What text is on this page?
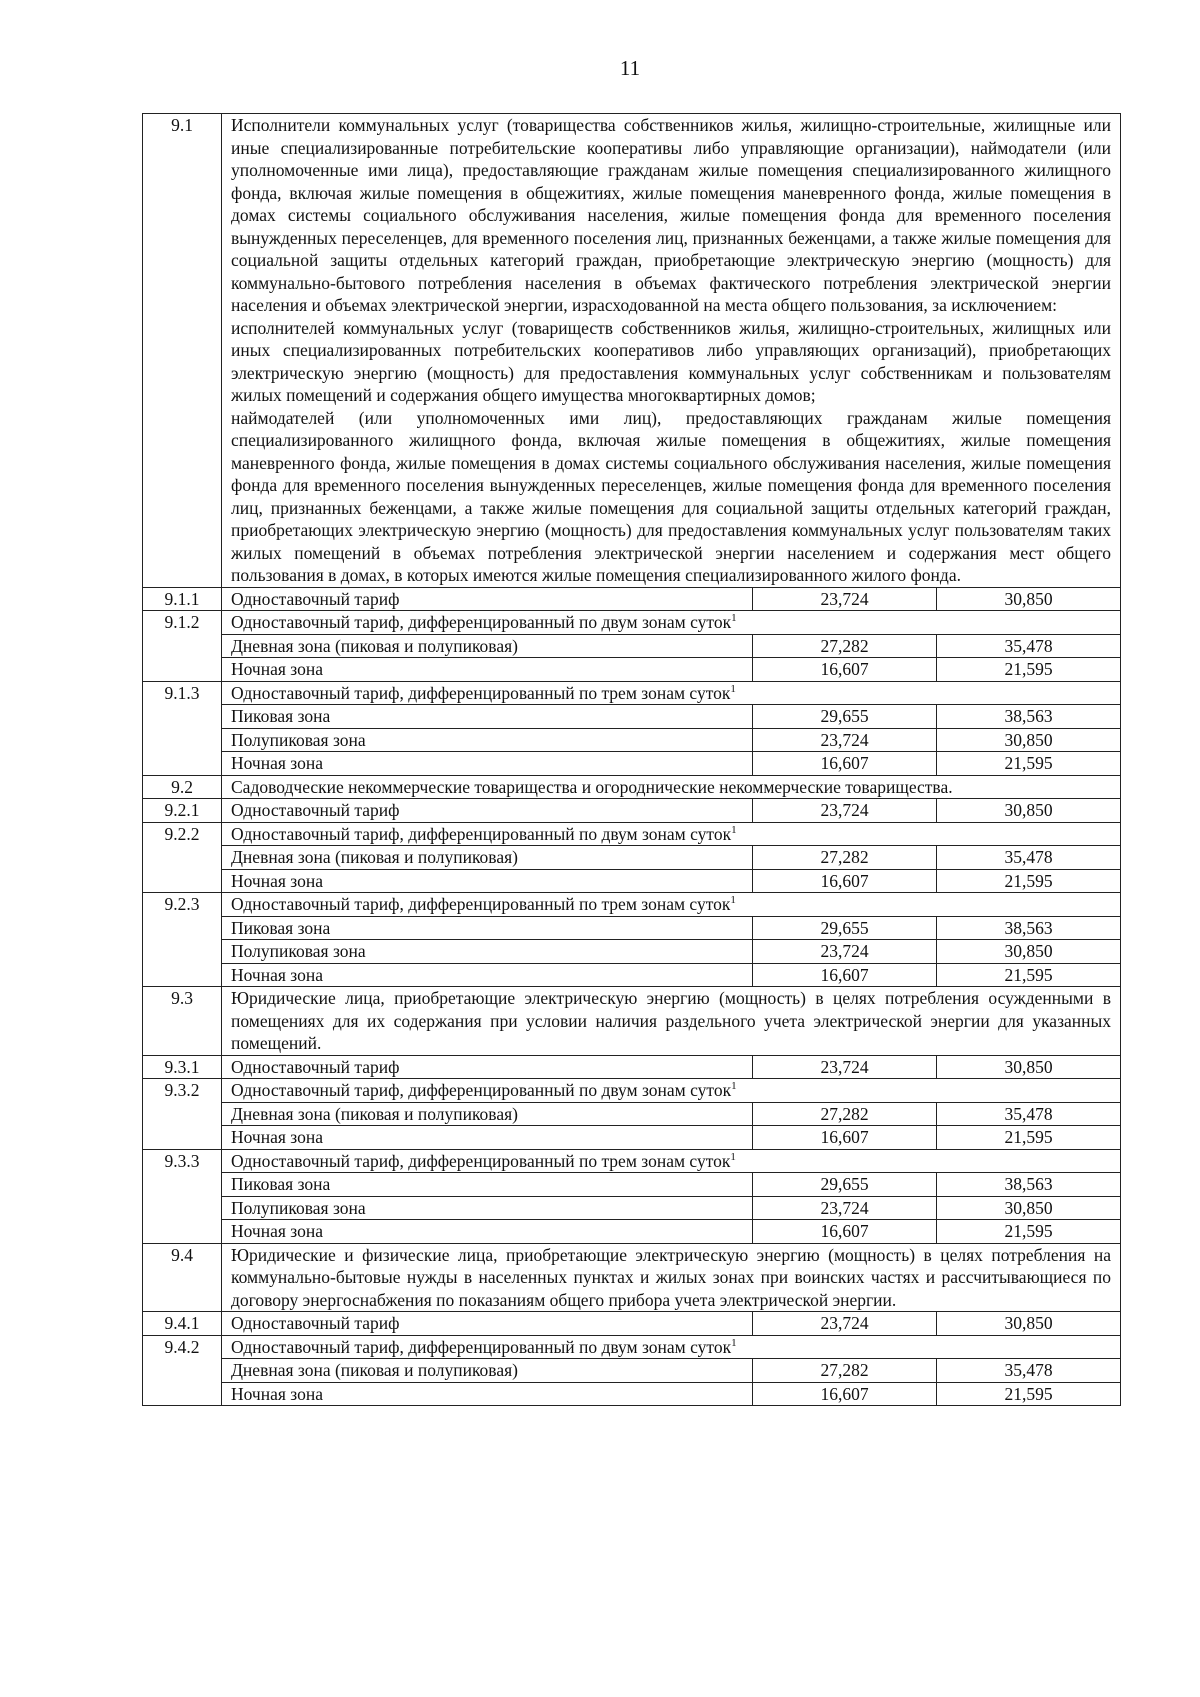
11
9.1	Исполнители коммунальных услуг (товарищества собственников жилья, жилищно-строительные, жилищные или иные специализированные потребительские кооперативы либо управляющие организации), наймодатели (или уполномоченные ими лица), предоставляющие гражданам жилые помещения специализированного жилищного фонда, включая жилые помещения в общежитиях, жилые помещения маневренного фонда, жилые помещения в домах системы социального обслуживания населения, жилые помещения фонда для временного поселения вынужденных переселенцев, для временного поселения лиц, признанных беженцами, а также жилые помещения для социальной защиты отдельных категорий граждан, приобретающие электрическую энергию (мощность) для коммунально-бытового потребления населения в объемах фактического потребления электрической энергии населения и объемах электрической энергии, израсходованной на места общего пользования, за исключением:

исполнителей коммунальных услуг (товариществ собственников жилья, жилищно-строительных, жилищных или иных специализированных потребительских кооперативов либо управляющих организаций), приобретающих электрическую энергию (мощность) для предоставления коммунальных услуг собственникам и пользователям жилых помещений и содержания общего имущества многоквартирных домов;

наймодателей (или уполномоченных ими лиц), предоставляющих гражданам жилые помещения специализированного жилищного фонда, включая жилые помещения в общежитиях, жилые помещения маневренного фонда, жилые помещения в домах системы социального обслуживания населения, жилые помещения фонда для временного поселения вынужденных переселенцев, жилые помещения фонда для временного поселения лиц, признанных беженцами, а также жилые помещения для социальной защиты отдельных категорий граждан, приобретающих электрическую энергию (мощность) для предоставления коммунальных услуг пользователям таких жилых помещений в объемах потребления электрической энергии населением и содержания мест общего пользования в домах, в которых имеются жилые помещения специализированного жилого фонда.		

9.1.1	Одноставочный тариф	23,724	30,850
9.1.2	Одноставочный тариф, дифференцированный по двум зонам суток$^1$
	Дневная зона (пиковая и полупиковая)	27,282	35,478
	Ночная зона	16,607	21,595
9.1.3	Одноставочный тариф, дифференцированный по трем зонам суток$^1$
	Пиковая зона	29,655	38,563
	Полупиковая зона	23,724	30,850
	Ночная зона	16,607	21,595
9.2	Садоводческие некоммерческие товарищества и огороднические некоммерческие товарищества.		

9.2.1	Одноставочный тариф	23,724	30,850
9.2.2	Одноставочный тариф, дифференцированный по двум зонам суток$^1$
	Дневная зона (пиковая и полупиковая)	27,282	35,478
	Ночная зона	16,607	21,595
9.2.3	Одноставочный тариф, дифференцированный по трем зонам суток$^1$
	Пиковая зона	29,655	38,563
	Полупиковая зона	23,724	30,850
	Ночная зона	16,607	21,595
9.3	Юридические лица, приобретающие электрическую энергию (мощность) в целях потребления осужденными в помещениях для их содержания при условии наличия раздельного учета электрической энергии для указанных помещений.		

9.3.1	Одноставочный тариф	23,724	30,850
9.3.2	Одноставочный тариф, дифференцированный по двум зонам суток$^1$
	Дневная зона (пиковая и полупиковая)	27,282	35,478
	Ночная зона	16,607	21,595
9.3.3	Одноставочный тариф, дифференцированный по трем зонам суток$^1$
	Пиковая зона	29,655	38,563
	Полупиковая зона	23,724	30,850
	Ночная зона	16,607	21,595
9.4	Юридические и физические лица, приобретающие электрическую энергию (мощность) в целях потребления на коммунально-бытовые нужды в населенных пунктах и жилых зонах при воинских частях и рассчитывающиеся по договору энергоснабжения по показаниям общего прибора учета электрической энергии.		

9.4.1	Одноставочный тариф	23,724	30,850
9.4.2	Одноставочный тариф, дифференцированный по двум зонам суток$^1$
	Дневная зона (пиковая и полупиковая)	27,282	35,478
	Ночная зона	16,607	21,595
